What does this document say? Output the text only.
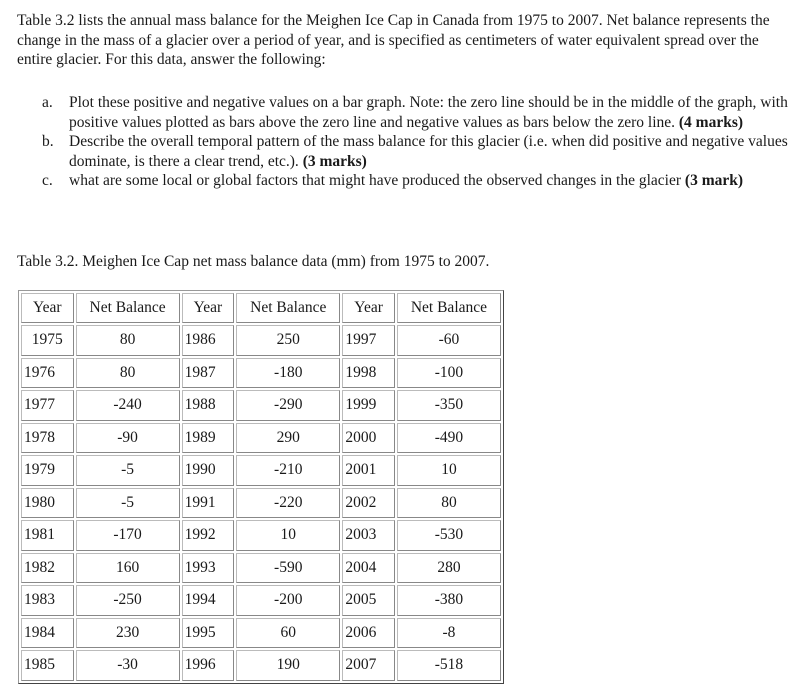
Table 3.2 lists the annual mass balance for the Meighen Ice Cap in Canada from 1975 to 2007. Net balance represents the change in the mass of a glacier over a period of year, and is specified as centimeters of water equivalent spread over the entire glacier. For this data, answer the following:

a.	Plot these positive and negative values on a bar graph. Note: the zero line should be in the middle of the graph, with positive values plotted as bars above the zero line and negative values as bars below the zero line. (4 marks)
b. Describe the overall temporal pattern of the mass balance for this glacier (i.e. when did positive and negative values dominate, is there a clear trend, etc.). (3 marks)
c.	what are some local or global factors that might have produced the observed changes in the glacier (3 mark)

Table 3.2. Meighen Ice Cap net mass balance data (mm) from 1975 to 2007.

Year	Net Balance	Year	Net Balance	Year	Net Balance
1975	80	1986	250	1997	-60
1976	80	1987	-180	1998	-100
1977	-240	1988	-290	1999	-350
1978	-90	1989	290	2000	-490
1979	-5	1990	-210	2001	10
1980	-5	1991	-220	2002	80
1981	-170	1992	10	2003	-530
1982	160	1993	-590	2004	280
1983	-250	1994	-200	2005	-380
1984	230	1995	60	2006	-8
1985	-30	1996	190	2007	-518
